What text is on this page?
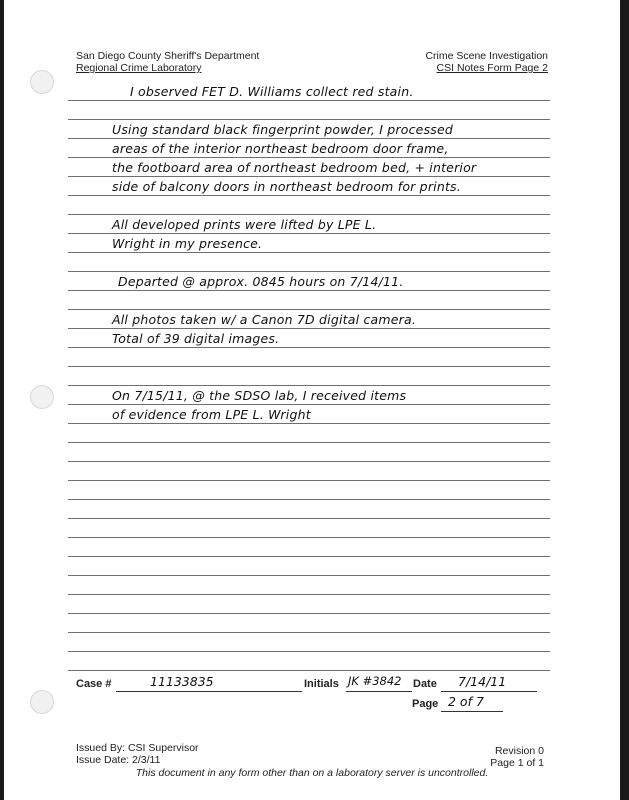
San Diego County Sheriff's Department
Regional Crime Laboratory
Crime Scene Investigation
CSI Notes Form Page 2
I observed FET D. Williams collect red stain.
Using standard black fingerprint powder, I processed
areas of the interior northeast bedroom door frame,
the footboard area of northeast bedroom bed, + interior
side of balcony doors in northeast bedroom for prints.
All developed prints were lifted by LPE L.
Wright in my presence.
Departed @ approx. 0845 hours on 7/14/11.
All photos taken w/ a Canon 7D digital camera.
Total of 39 digital images.
On 7/15/11, @ the SDSO lab, I received items
of evidence from LPE L. Wright
Case #	11133835	Initials JK #3842 Date 7/14/11
Page 2 of 7
Issued By: CSI Supervisor
Issue Date: 2/3/11
Revision 0
Page 1 of 1
This document in any form other than on a laboratory server is uncontrolled.	#tcrs
